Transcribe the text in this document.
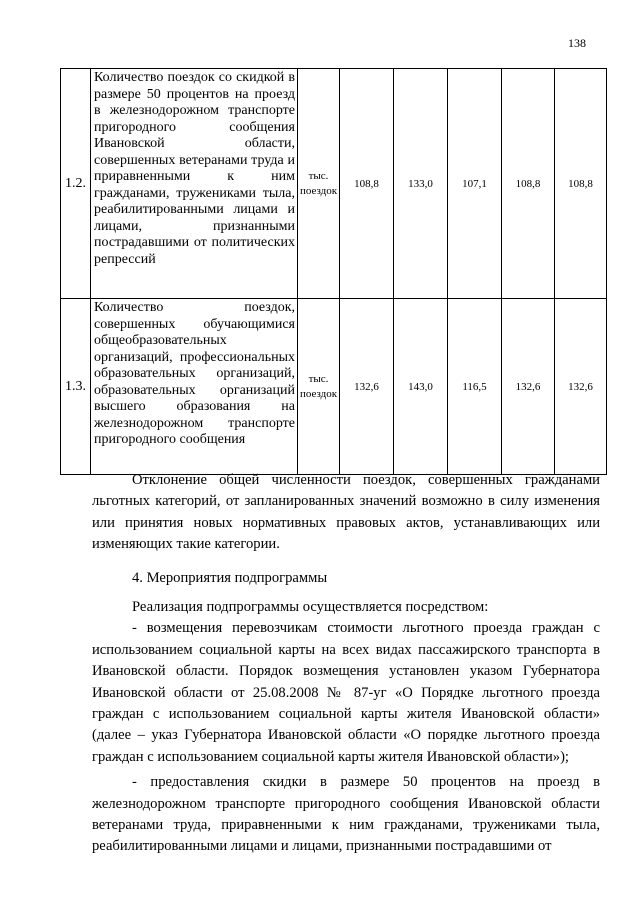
138
1.2.	Количество поездок со скидкой в размере 50 процентов на проезд в железнодорожном транспорте пригородного сообщения Ивановской области, совершенных ветеранами труда и приравненными к ним гражданами, тружениками тыла, реабилитированными лицами и лицами, признанными пострадавшими от политических репрессий	тыс. поездок	108,8	133,0	107,1	108,8	108,8
1.3.	Количество поездок, совершенных обучающимися общеобразовательных организаций, профессиональных образовательных организаций, образовательных организаций высшего образования на железнодорожном транспорте пригородного сообщения	тыс. поездок	132,6	143,0	116,5	132,6	132,6

Отклонение общей численности поездок, совершенных гражданами льготных категорий, от запланированных значений возможно в силу изменения или принятия новых нормативных правовых актов, устанавливающих или изменяющих такие категории.

4. Мероприятия подпрограммы

Реализация подпрограммы осуществляется посредством:

- возмещения перевозчикам стоимости льготного проезда граждан с использованием социальной карты на всех видах пассажирского транспорта в Ивановской области. Порядок возмещения установлен указом Губернатора Ивановской области от 25.08.2008 № 87-уг «О Порядке льготного проезда граждан с использованием социальной карты жителя Ивановской области» (далее – указ Губернатора Ивановской области «О порядке льготного проезда граждан с использованием социальной карты жителя Ивановской области»);

- предоставления скидки в размере 50 процентов на проезд в железнодорожном транспорте пригородного сообщения Ивановской области ветеранами труда, приравненными к ним гражданами, тружениками тыла, реабилитированными лицами и лицами, признанными пострадавшими от
